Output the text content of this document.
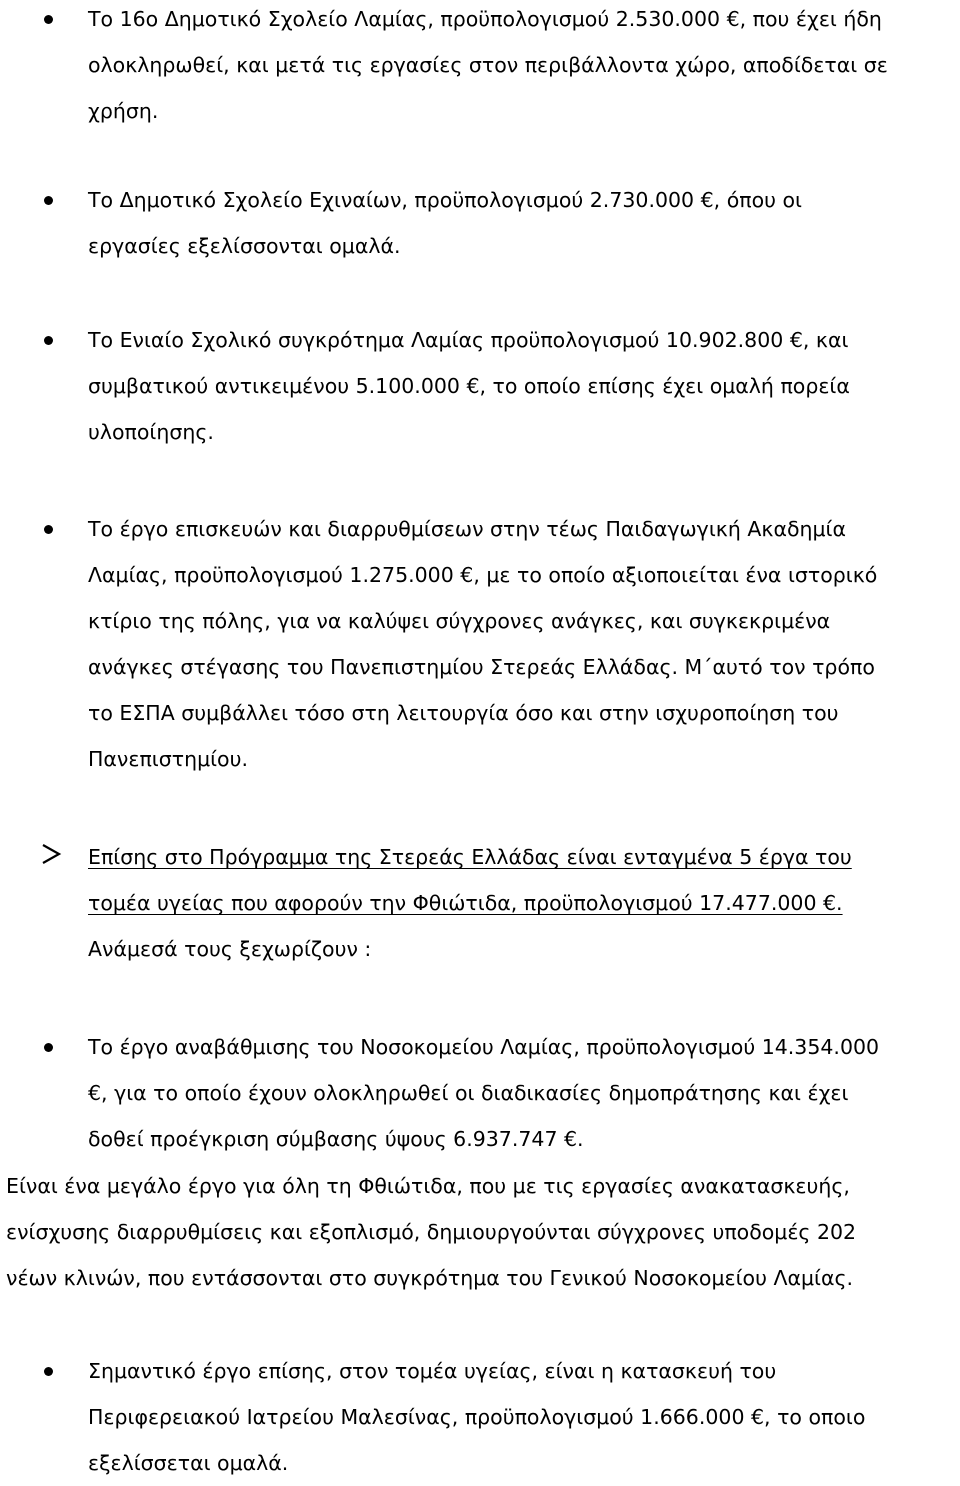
Το 16ο Δημοτικό Σχολείο Λαμίας, προϋπολογισμού 2.530.000 €, που έχει ήδη

ολοκληρωθεί, και μετά τις εργασίες στον περιβάλλοντα χώρο, αποδίδεται σε

χρήση.

Το Δημοτικό Σχολείο Εχιναίων, προϋπολογισμού 2.730.000 €, όπου οι

εργασίες εξελίσσονται ομαλά.

Το Ενιαίο Σχολικό συγκρότημα Λαμίας προϋπολογισμού 10.902.800 €, και

συμβατικού αντικειμένου 5.100.000 €, το οποίο επίσης έχει ομαλή πορεία

υλοποίησης.

Το έργο επισκευών και διαρρυθμίσεων στην τέως Παιδαγωγική Ακαδημία

Λαμίας, προϋπολογισμού 1.275.000 €, με το οποίο αξιοποιείται ένα ιστορικό

κτίριο της πόλης, για να καλύψει σύγχρονες ανάγκες, και συγκεκριμένα

ανάγκες στέγασης του Πανεπιστημίου Στερεάς Ελλάδας. Μ΄αυτό τον τρόπο

το ΕΣΠΑ συμβάλλει τόσο στη λειτουργία όσο και στην ισχυροποίηση του

Πανεπιστημίου.

Επίσης στο Πρόγραμμα της Στερεάς Ελλάδας είναι ενταγμένα 5 έργα του

τομέα υγείας που αφορούν την Φθιώτιδα, προϋπολογισμού 17.477.000 €.

Ανάμεσά τους ξεχωρίζουν :

Το έργο αναβάθμισης του Νοσοκομείου Λαμίας, προϋπολογισμού 14.354.000

€, για το οποίο έχουν ολοκληρωθεί οι διαδικασίες δημοπράτησης και έχει

δοθεί προέγκριση σύμβασης ύψους 6.937.747 €.

Είναι ένα μεγάλο έργο για όλη τη Φθιώτιδα, που με τις εργασίες ανακατασκευής,

ενίσχυσης διαρρυθμίσεις και εξοπλισμό, δημιουργούνται σύγχρονες υποδομές 202

νέων κλινών, που εντάσσονται στο συγκρότημα του Γενικού Νοσοκομείου Λαμίας.

Σημαντικό έργο επίσης, στον τομέα υγείας, είναι η κατασκευή του

Περιφερειακού Ιατρείου Μαλεσίνας, προϋπολογισμού 1.666.000 €, το οποιο

εξελίσσεται ομαλά.
